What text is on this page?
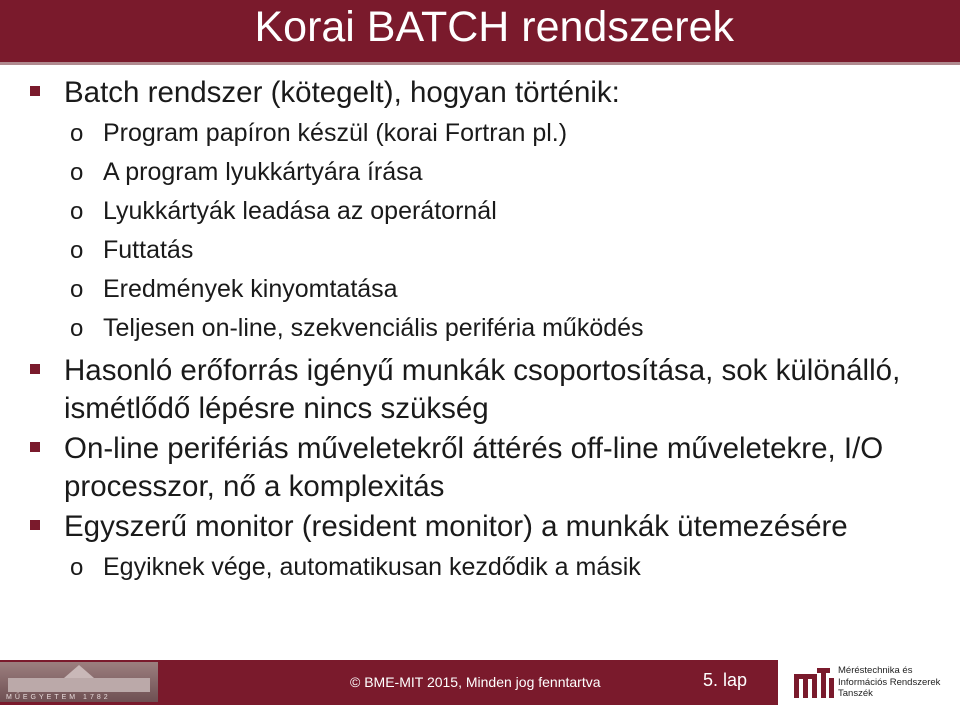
Korai BATCH rendszerek
Batch rendszer (kötegelt), hogyan történik:
o Program papíron készül (korai Fortran pl.)
o A program lyukkártyára írása
o Lyukkártyák leadása az operátornál
o Futtatás
o Eredmények kinyomtatása
o Teljesen on-line, szekvenciális periféria működés
Hasonló erőforrás igényű munkák csoportosítása, sok különálló, ismétlődő lépésre nincs szükség
On-line perifériás műveletekről áttérés off-line műveletekre, I/O processzor, nő a komplexitás
Egyszerű monitor (resident monitor) a munkák ütemezésére
o Egyiknek vége, automatikusan kezdődik a másik
MŰEGYETEM 1782
© BME-MIT 2015, Minden jog fenntartva	5. lap	Méréstechnika és
Információs Rendszerek
Tanszék
